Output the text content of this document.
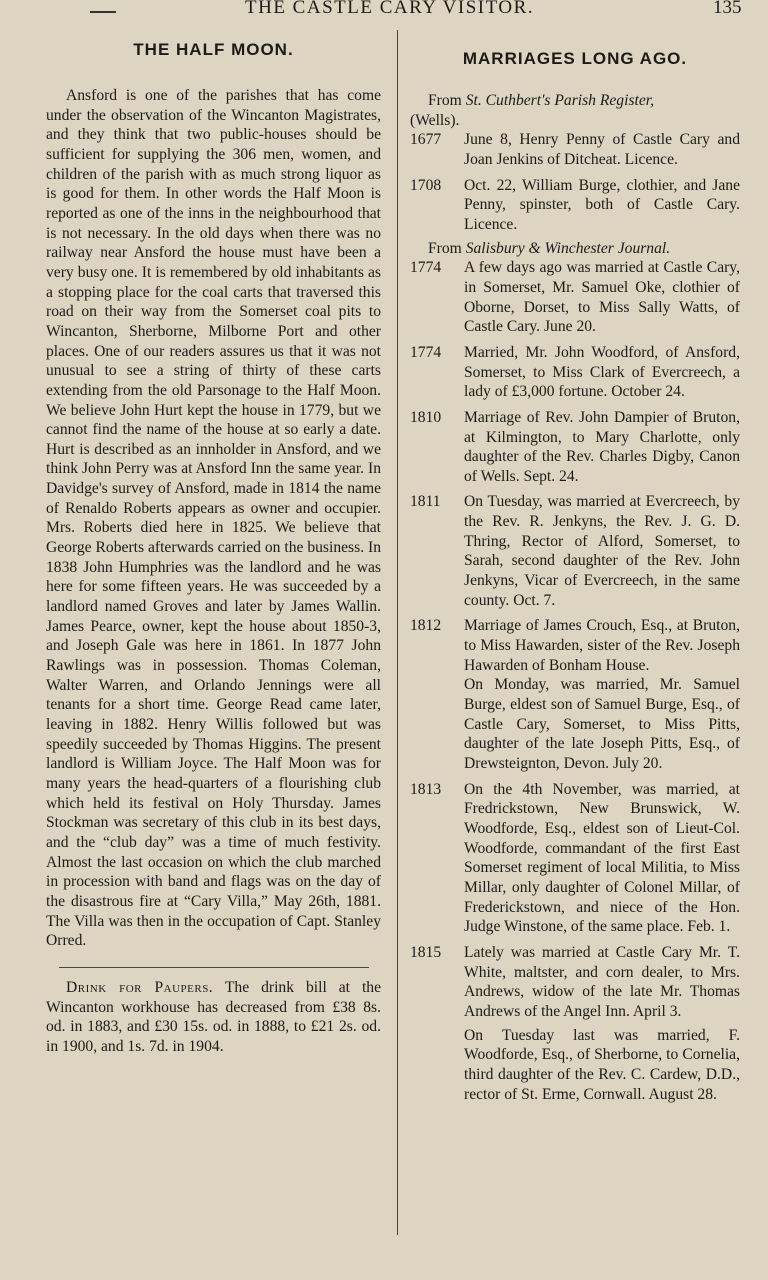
THE CASTLE CARY VISITOR.	135
THE HALF MOON.

Ansford is one of the parishes that has come under the observation of the Wincanton Magistrates, and they think that two public-houses should be sufficient for supplying the 306 men, women, and children of the parish with as much strong liquor as is good for them. In other words the Half Moon is reported as one of the inns in the neighbourhood that is not necessary. In the old days when there was no railway near Ansford the house must have been a very busy one. It is remembered by old inhabitants as a stopping place for the coal carts that traversed this road on their way from the Somerset coal pits to Wincanton, Sherborne, Milborne Port and other places. One of our readers assures us that it was not unusual to see a string of thirty of these carts extending from the old Parsonage to the Half Moon. We believe John Hurt kept the house in 1779, but we cannot find the name of the house at so early a date. Hurt is described as an innholder in Ansford, and we think John Perry was at Ansford Inn the same year. In Davidge's survey of Ansford, made in 1814 the name of Renaldo Roberts appears as owner and occupier. Mrs. Roberts died here in 1825. We believe that George Roberts afterwards carried on the business. In 1838 John Humphries was the landlord and he was here for some fifteen years. He was succeeded by a landlord named Groves and later by James Wallin. James Pearce, owner, kept the house about 1850-3, and Joseph Gale was here in 1861. In 1877 John Rawlings was in possession. Thomas Coleman, Walter Warren, and Orlando Jennings were all tenants for a short time. George Read came later, leaving in 1882. Henry Willis followed but was speedily succeeded by Thomas Higgins. The present landlord is William Joyce. The Half Moon was for many years the head-quarters of a flourishing club which held its festival on Holy Thursday. James Stockman was secretary of this club in its best days, and the “club day” was a time of much festivity. Almost the last occasion on which the club marched in procession with band and flags was on the day of the disastrous fire at “Cary Villa,” May 26th, 1881. The Villa was then in the occupation of Capt. Stanley Orred.

Drink for Paupers. The drink bill at the Wincanton workhouse has decreased from £38 8s. od. in 1883, and £30 15s. od. in 1888, to £21 2s. od. in 1900, and 1s. 7d. in 1904.

MARRIAGES LONG AGO.

From St. Cuthbert's Parish Register,
(Wells).

1677 June 8, Henry Penny of Castle Cary and Joan Jenkins of Ditcheat. Licence.

1708 Oct. 22, William Burge, clothier, and Jane Penny, spinster, both of Castle Cary. Licence.

From Salisbury & Winchester Journal.

1774 A few days ago was married at Castle Cary, in Somerset, Mr. Samuel Oke, clothier of Oborne, Dorset, to Miss Sally Watts, of Castle Cary. June 20.

1774 Married, Mr. John Woodford, of Ansford, Somerset, to Miss Clark of Evercreech, a lady of £3,000 fortune. October 24.

1810 Marriage of Rev. John Dampier of Bruton, at Kilmington, to Mary Charlotte, only daughter of the Rev. Charles Digby, Canon of Wells. Sept. 24.

1811 On Tuesday, was married at Evercreech, by the Rev. R. Jenkyns, the Rev. J. G. D. Thring, Rector of Alford, Somerset, to Sarah, second daughter of the Rev. John Jenkyns, Vicar of Evercreech, in the same county. Oct. 7.

1812 Marriage of James Crouch, Esq., at Bruton, to Miss Hawarden, sister of the Rev. Joseph Hawarden of Bonham House.

On Monday, was married, Mr. Samuel Burge, eldest son of Samuel Burge, Esq., of Castle Cary, Somerset, to Miss Pitts, daughter of the late Joseph Pitts, Esq., of Drewsteignton, Devon. July 20.

1813 On the 4th November, was married, at Fredrickstown, New Brunswick, W. Woodforde, Esq., eldest son of Lieut-Col. Woodforde, commandant of the first East Somerset regiment of local Militia, to Miss Millar, only daughter of Colonel Millar, of Frederickstown, and niece of the Hon. Judge Winstone, of the same place. Feb. 1.

1815 Lately was married at Castle Cary Mr. T. White, maltster, and corn dealer, to Mrs. Andrews, widow of the late Mr. Thomas Andrews of the Angel Inn. April 3.

On Tuesday last was married, F. Woodforde, Esq., of Sherborne, to Cornelia, third daughter of the Rev. C. Cardew, D.D., rector of St. Erme, Cornwall. August 28.
